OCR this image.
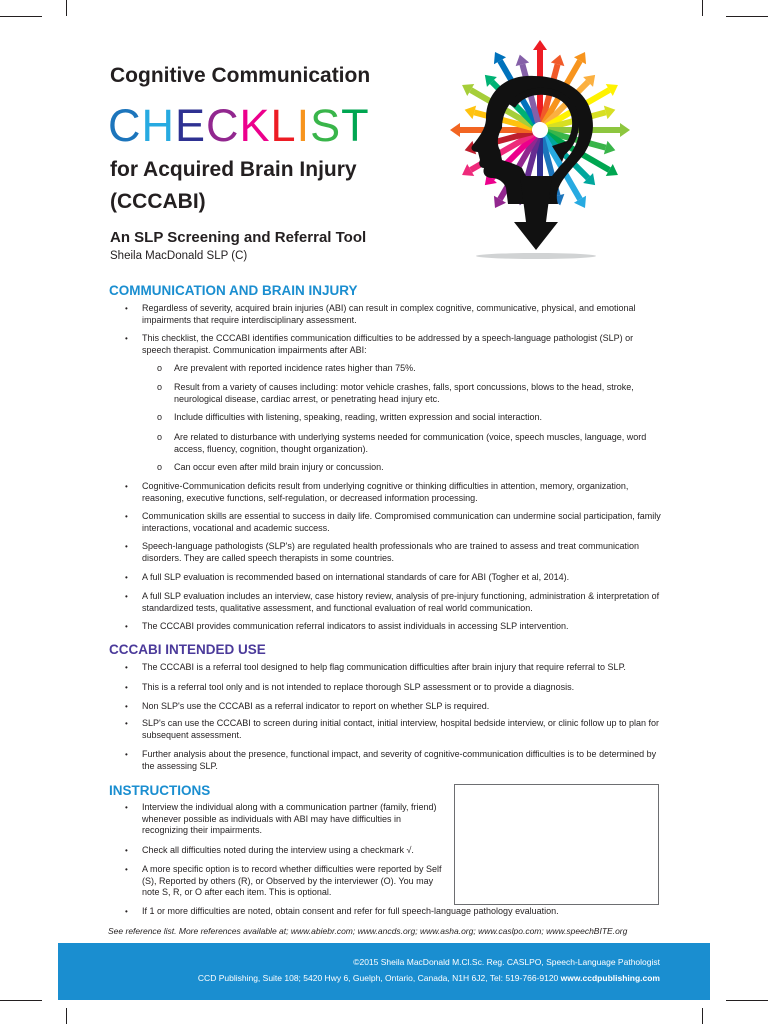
Cognitive Communication
CHECKLIST
for Acquired Brain Injury (CCCABI)
An SLP Screening and Referral Tool
Sheila MacDonald SLP (C)
COMMUNICATION AND BRAIN INJURY
• Regardless of severity, acquired brain injuries (ABI) can result in complex cognitive, communicative, physical, and emotional impairments that require interdisciplinary assessment.
• This checklist, the CCCABI identifies communication difficulties to be addressed by a speech-language pathologist (SLP) or speech therapist. Communication impairments after ABI:
• Cognitive-Communication deficits result from underlying cognitive or thinking difficulties in attention, memory, organization, reasoning, executive functions, self-regulation, or decreased information processing.
• Communication skills are essential to success in daily life. Compromised communication can undermine social participation, family interactions, vocational and academic success.
• Speech-language pathologists (SLP's) are regulated health professionals who are trained to assess and treat communication disorders. They are called speech therapists in some countries.
• A full SLP evaluation is recommended based on international standards of care for ABI (Togher et al, 2014).
• A full SLP evaluation includes an interview, case history review, analysis of pre-injury functioning, administration & interpretation of standardized tests, qualitative assessment, and functional evaluation of real world communication.
• The CCCABI provides communication referral indicators to assist individuals in accessing SLP intervention.
o Are prevalent with reported incidence rates higher than 75%.
o Result from a variety of causes including: motor vehicle crashes, falls, sport concussions, blows to the head, stroke, neurological disease, cardiac arrest, or penetrating head injury etc.
o Include difficulties with listening, speaking, reading, written expression and social interaction.
o Are related to disturbance with underlying systems needed for communication (voice, speech muscles, language, word access, fluency, cognition, thought organization).
o Can occur even after mild brain injury or concussion.
CCCABI INTENDED USE
• The CCCABI is a referral tool designed to help flag communication difficulties after brain injury that require referral to SLP.
• This is a referral tool only and is not intended to replace thorough SLP assessment or to provide a diagnosis.
• Non SLP's use the CCCABI as a referral indicator to report on whether SLP is required.
• SLP's can use the CCCABI to screen during initial contact, initial interview, hospital bedside interview, or clinic follow up to plan for subsequent assessment.
• Further analysis about the presence, functional impact, and severity of cognitive-communication difficulties is to be determined by the assessing SLP.
INSTRUCTIONS
• Interview the individual along with a communication partner (family, friend) whenever possible as individuals with ABI may have difficulties in recognizing their impairments.
• Check all difficulties noted during the interview using a checkmark √.
• A more specific option is to record whether difficulties were reported by Self (S), Reported by others (R), or Observed by the interviewer (O). You may note S, R, or O after each item. This is optional.
• If 1 or more difficulties are noted, obtain consent and refer for full speech-language pathology evaluation.
See reference list. More references available at; www.abiebr.com; www.ancds.org; www.asha.org; www.caslpo.com; www.speechBITE.org
©2015 Sheila MacDonald M.Cl.Sc. Reg. CASLPO, Speech-Language Pathologist
CCD Publishing, Suite 108; 5420 Hwy 6, Guelph, Ontario, Canada, N1H 6J2, Tel: 519-766-9120 www.ccdpublishing.com
